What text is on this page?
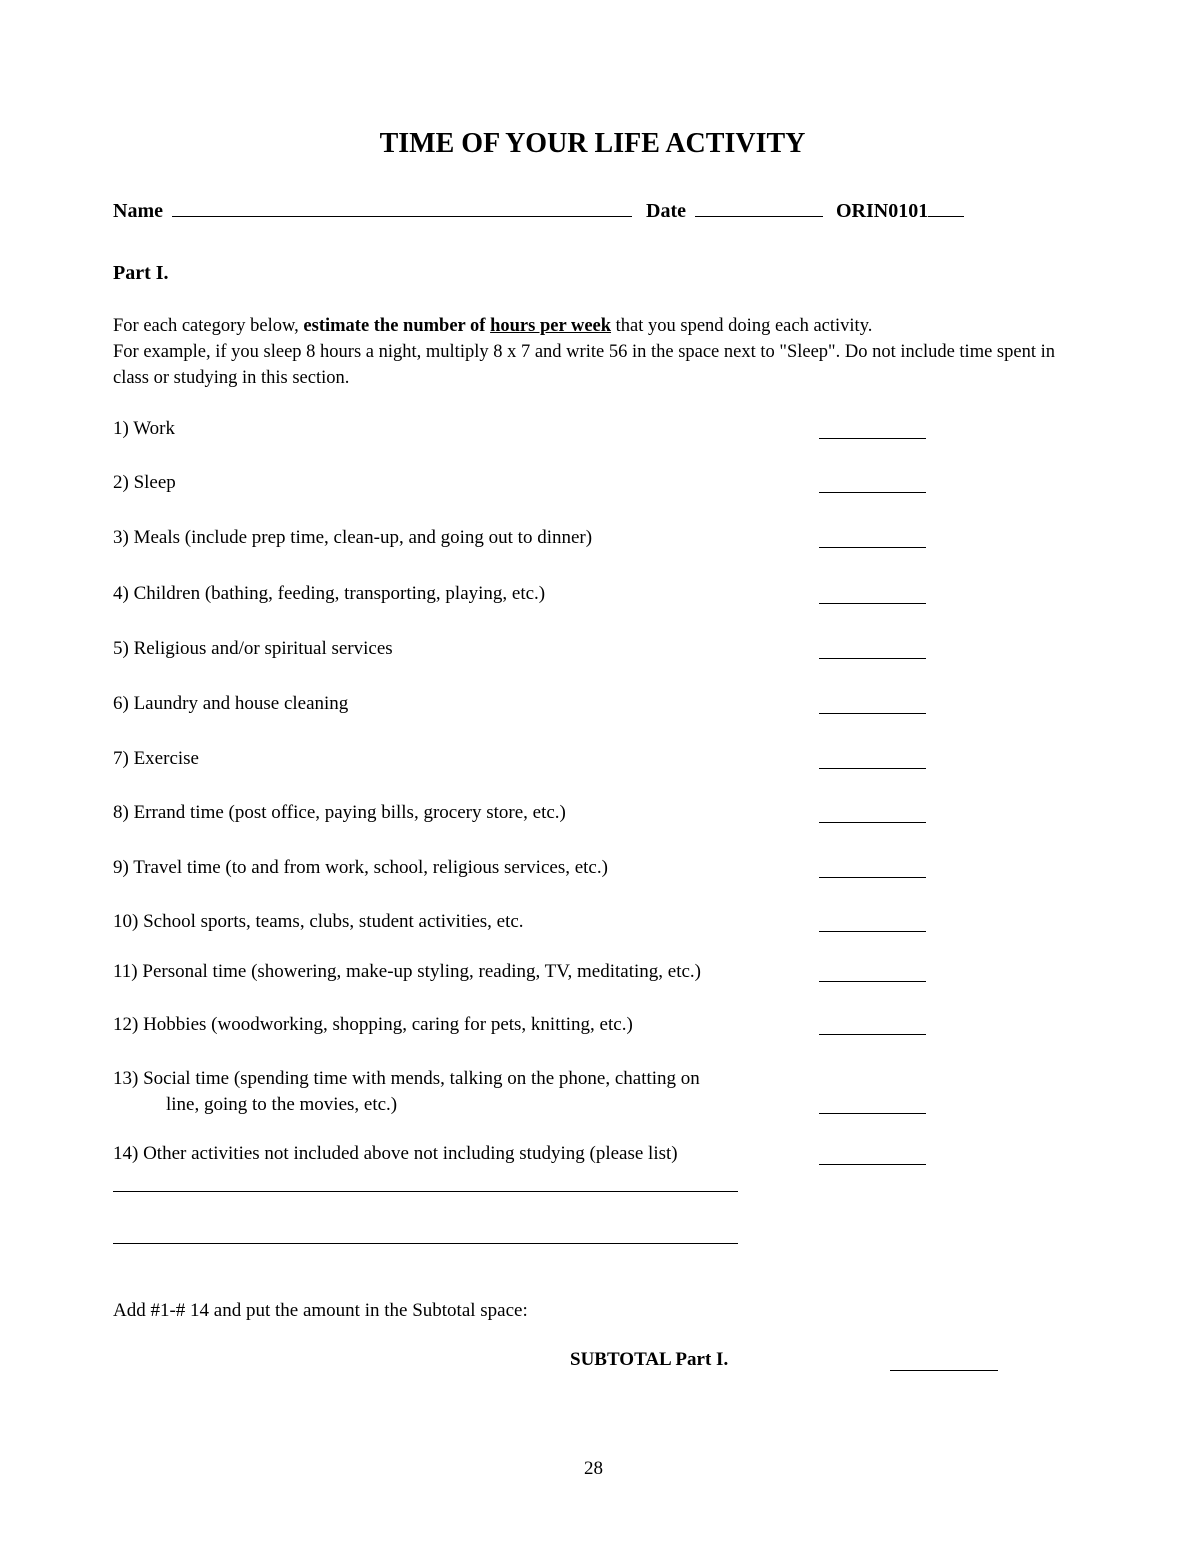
TIME OF YOUR LIFE ACTIVITY
Name	Date	ORIN0101
Part I.
For each category below, estimate the number of hours per week that you spend doing each activity.
For example, if you sleep 8 hours a night, multiply 8 x 7 and write 56 in the space next to "Sleep". Do not include time spent in class or studying in this section.
1) Work
2) Sleep
3) Meals (include prep time, clean-up, and going out to dinner)
4) Children (bathing, feeding, transporting, playing, etc.)
5) Religious and/or spiritual services
6) Laundry and house cleaning
7) Exercise
8) Errand time (post office, paying bills, grocery store, etc.)
9) Travel time (to and from work, school, religious services, etc.)
10) School sports, teams, clubs, student activities, etc.
11) Personal time (showering, make-up styling, reading, TV, meditating, etc.)
12) Hobbies (woodworking, shopping, caring for pets, knitting, etc.)
13) Social time (spending time with mends, talking on the phone, chatting on
line, going to the movies, etc.)
14) Other activities not included above not including studying (please list)
Add #1-# 14 and put the amount in the Subtotal space:
SUBTOTAL Part I.
28
